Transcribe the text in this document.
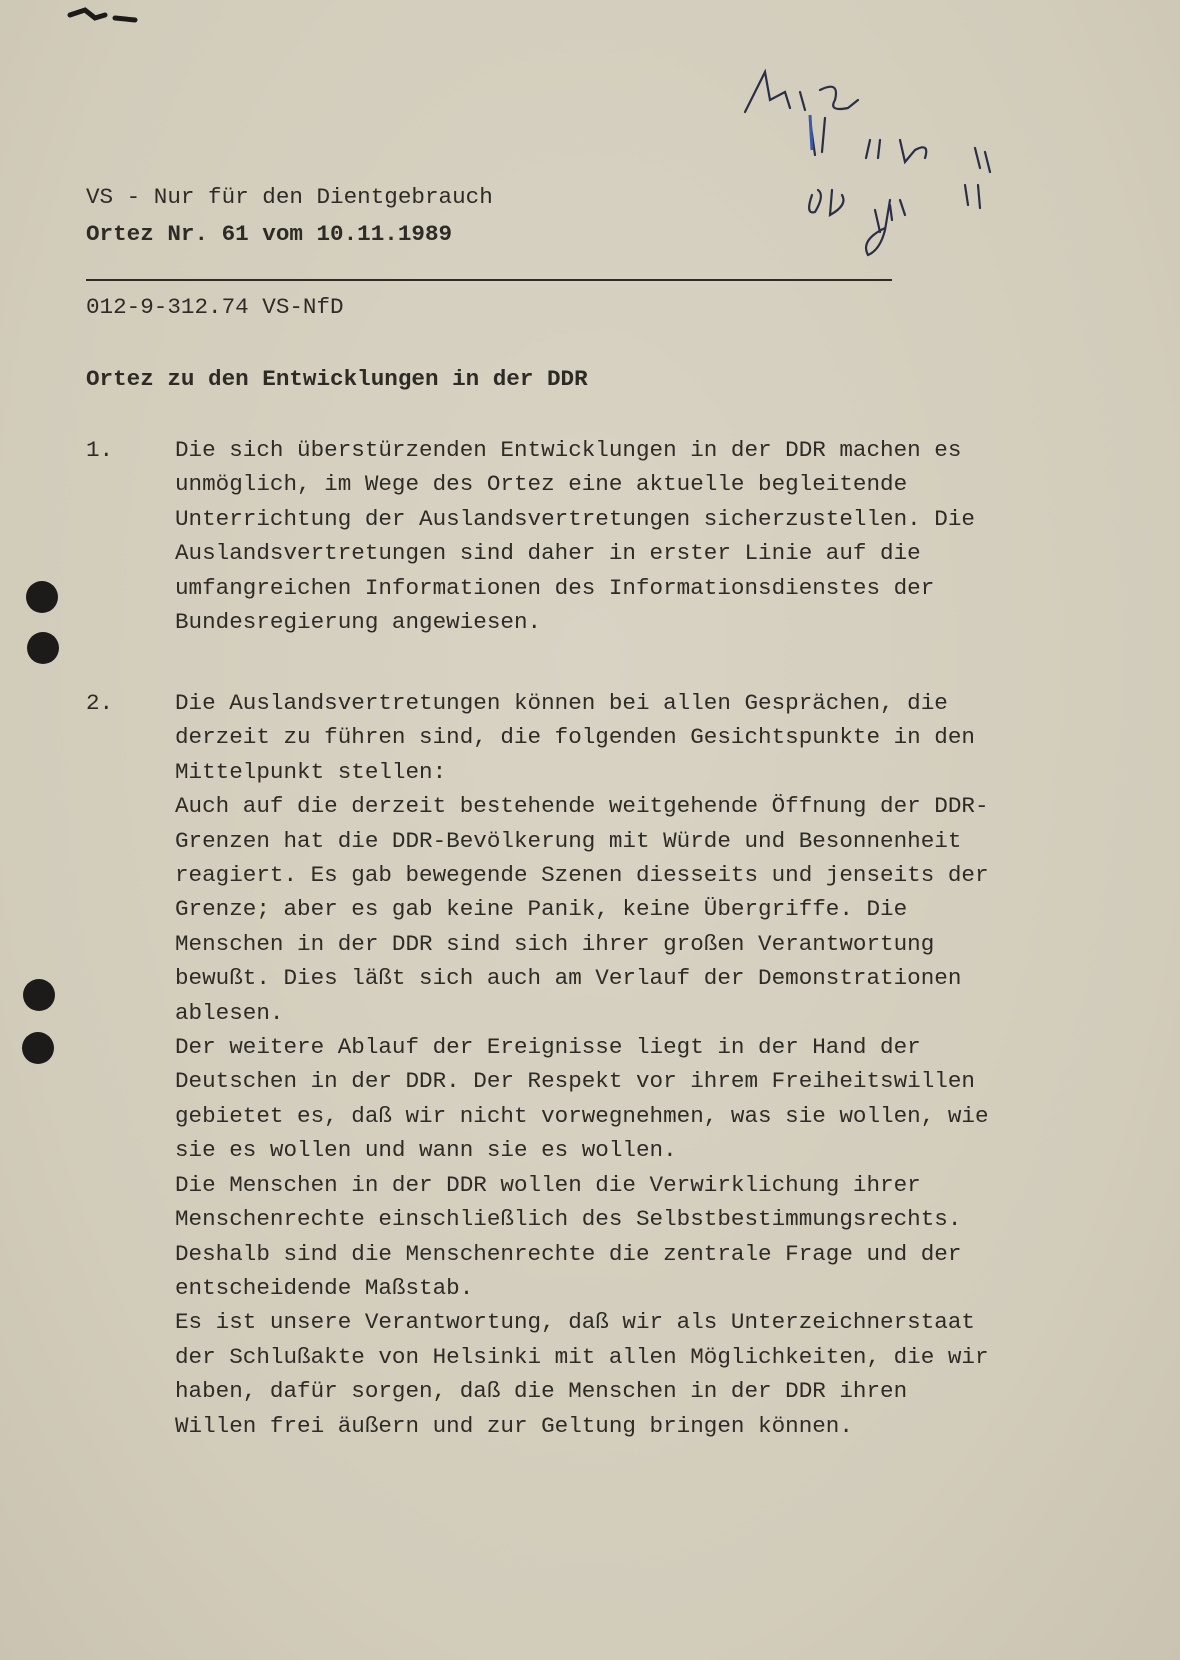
VS - Nur für den Dientgebrauch
Ortez Nr. 61 vom 10.11.1989
012-9-312.74 VS-NfD
Ortez zu den Entwicklungen in der DDR
1.	Die sich überstürzenden Entwicklungen in der DDR machen es
unmöglich, im Wege des Ortez eine aktuelle begleitende
Unterrichtung der Auslandsvertretungen sicherzustellen. Die
Auslandsvertretungen sind daher in erster Linie auf die
umfangreichen Informationen des Informationsdienstes der
Bundesregierung angewiesen.
2.	Die Auslandsvertretungen können bei allen Gesprächen, die
derzeit zu führen sind, die folgenden Gesichtspunkte in den
Mittelpunkt stellen:
Auch auf die derzeit bestehende weitgehende Öffnung der DDR-
Grenzen hat die DDR-Bevölkerung mit Würde und Besonnenheit
reagiert. Es gab bewegende Szenen diesseits und jenseits der
Grenze; aber es gab keine Panik, keine Übergriffe. Die
Menschen in der DDR sind sich ihrer großen Verantwortung
bewußt. Dies läßt sich auch am Verlauf der Demonstrationen
ablesen.
Der weitere Ablauf der Ereignisse liegt in der Hand der
Deutschen in der DDR. Der Respekt vor ihrem Freiheitswillen
gebietet es, daß wir nicht vorwegnehmen, was sie wollen, wie
sie es wollen und wann sie es wollen.
Die Menschen in der DDR wollen die Verwirklichung ihrer
Menschenrechte einschließlich des Selbstbestimmungsrechts.
Deshalb sind die Menschenrechte die zentrale Frage und der
entscheidende Maßstab.
Es ist unsere Verantwortung, daß wir als Unterzeichnerstaat
der Schlußakte von Helsinki mit allen Möglichkeiten, die wir
haben, dafür sorgen, daß die Menschen in der DDR ihren
Willen frei äußern und zur Geltung bringen können.
